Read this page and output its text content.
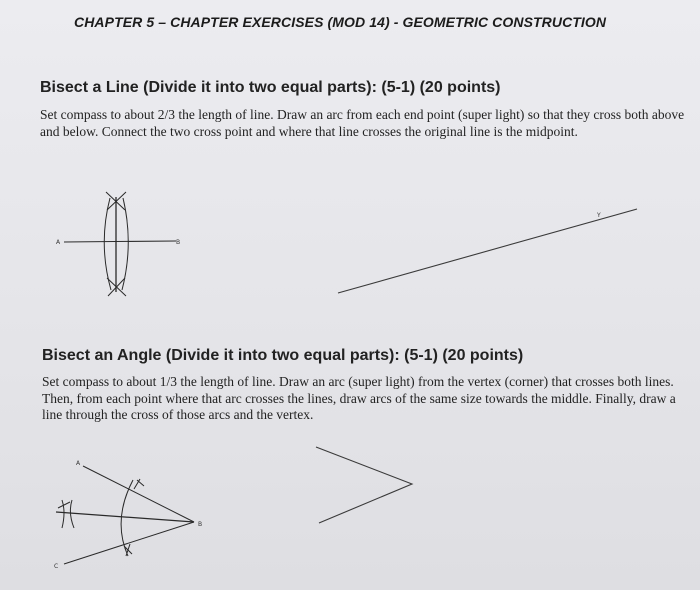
CHAPTER 5 – CHAPTER EXERCISES (MOD 14) - GEOMETRIC CONSTRUCTION
Bisect a Line (Divide it into two equal parts): (5-1) (20 points)
Set compass to about 2/3 the length of line. Draw an arc from each end point (super light) so that they cross both above and below. Connect the two cross point and where that line crosses the original line is the midpoint.
Bisect an Angle (Divide it into two equal parts): (5-1) (20 points)
Set compass to about 1/3 the length of line. Draw an arc (super light) from the vertex (corner) that crosses both lines. Then, from each point where that arc crosses the lines, draw arcs of the same size towards the middle. Finally, draw a line through the cross of those arcs and the vertex.
A	B
Y
A
B
C
